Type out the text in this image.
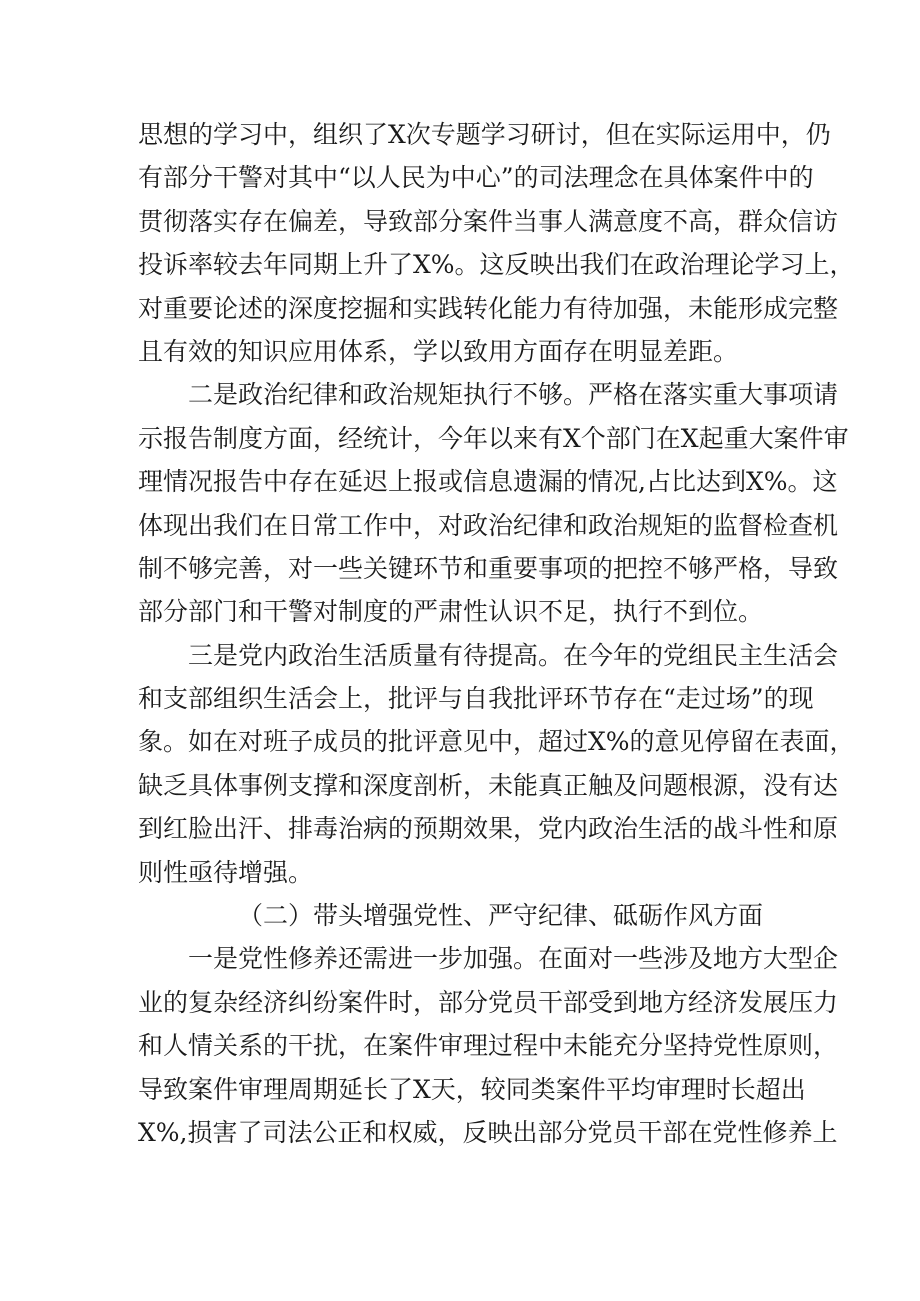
思想的学习中，组织了X次专题学习研讨，但在实际运用中，仍
有部分干警对其中“以人民为中心”的司法理念在具体案件中的
贯彻落实存在偏差，导致部分案件当事人满意度不高，群众信访
投诉率较去年同期上升了X%。这反映出我们在政治理论学习上，
对重要论述的深度挖掘和实践转化能力有待加强，未能形成完整
且有效的知识应用体系，学以致用方面存在明显差距。
二是政治纪律和政治规矩执行不够。严格在落实重大事项请
示报告制度方面，经统计，今年以来有X个部门在X起重大案件审
理情况报告中存在延迟上报或信息遗漏的情况,占比达到X%。这
体现出我们在日常工作中，对政治纪律和政治规矩的监督检查机
制不够完善，对一些关键环节和重要事项的把控不够严格，导致
部分部门和干警对制度的严肃性认识不足，执行不到位。
三是党内政治生活质量有待提高。在今年的党组民主生活会
和支部组织生活会上，批评与自我批评环节存在“走过场”的现
象。如在对班子成员的批评意见中，超过X%的意见停留在表面，
缺乏具体事例支撑和深度剖析，未能真正触及问题根源，没有达
到红脸出汗、排毒治病的预期效果，党内政治生活的战斗性和原
则性亟待增强。
（二）带头增强党性、严守纪律、砥砺作风方面
一是党性修养还需进一步加强。在面对一些涉及地方大型企
业的复杂经济纠纷案件时，部分党员干部受到地方经济发展压力
和人情关系的干扰，在案件审理过程中未能充分坚持党性原则，
导致案件审理周期延长了X天，较同类案件平均审理时长超出
X%,损害了司法公正和权威，反映出部分党员干部在党性修养上
